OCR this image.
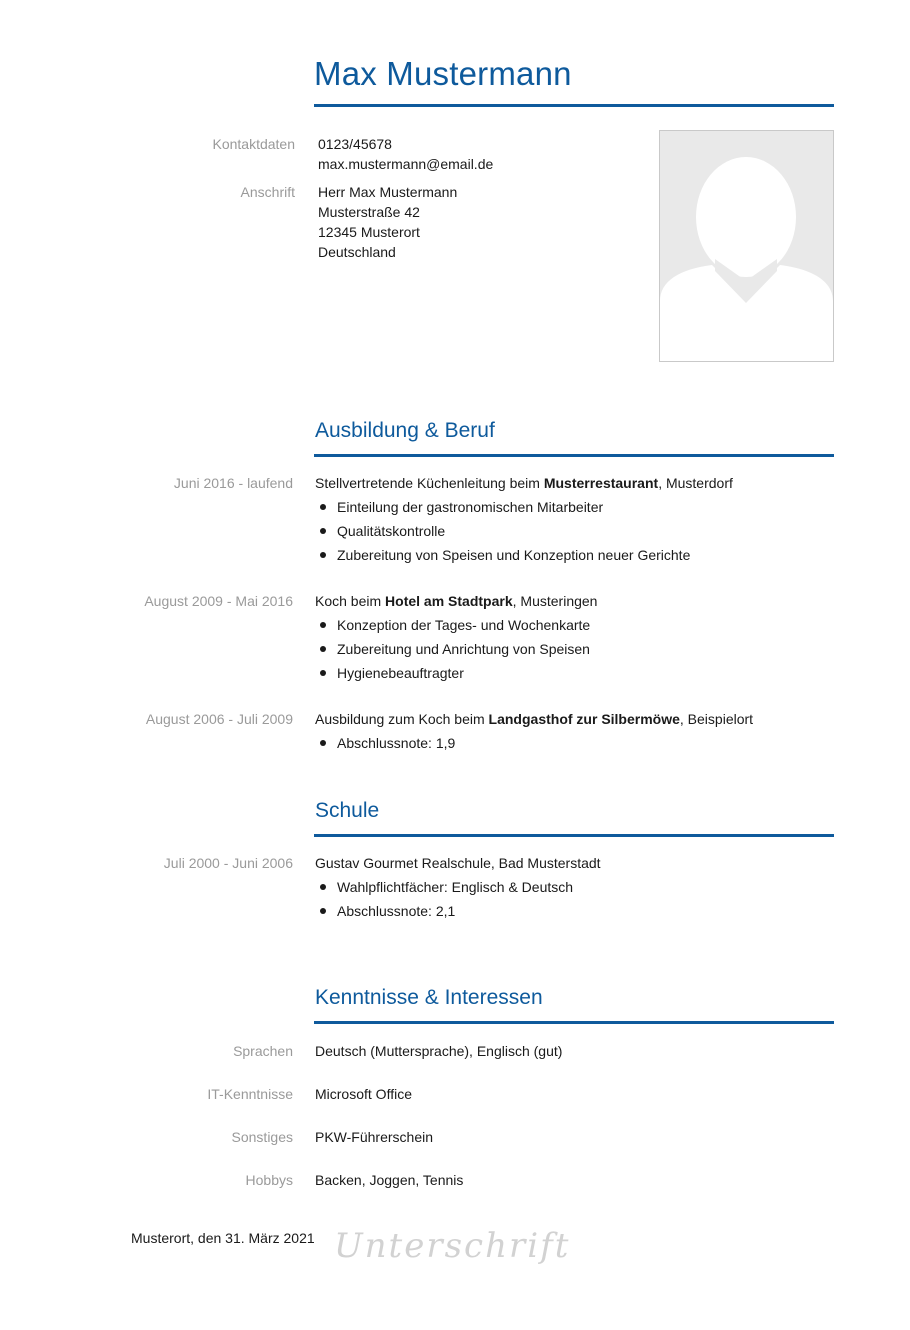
Max Mustermann
Kontaktdaten 0123/45678
max.mustermann@email.de
Anschrift Herr Max Mustermann
Musterstraße 42
12345 Musterort
Deutschland
Ausbildung & Beruf
Juni 2016 - laufend Stellvertretende Küchenleitung beim Musterrestaurant, Musterdorf
Einteilung der gastronomischen Mitarbeiter
Qualitätskontrolle
Zubereitung von Speisen und Konzeption neuer Gerichte
August 2009 - Mai 2016 Koch beim Hotel am Stadtpark, Musteringen
Konzeption der Tages- und Wochenkarte
Zubereitung und Anrichtung von Speisen
Hygienebeauftragter
August 2006 - Juli 2009 Ausbildung zum Koch beim Landgasthof zur Silbermöwe, Beispielort
Abschlussnote: 1,9
Schule
Juli 2000 - Juni 2006 Gustav Gourmet Realschule, Bad Musterstadt
Wahlpflichtfächer: Englisch & Deutsch
Abschlussnote: 2,1
Kenntnisse & Interessen
Sprachen Deutsch (Muttersprache), Englisch (gut)
IT-Kenntnisse Microsoft Office
Sonstiges PKW-Führerschein
Hobbys Backen, Joggen, Tennis
Musterort, den 31. März 2021 Unterschrift
